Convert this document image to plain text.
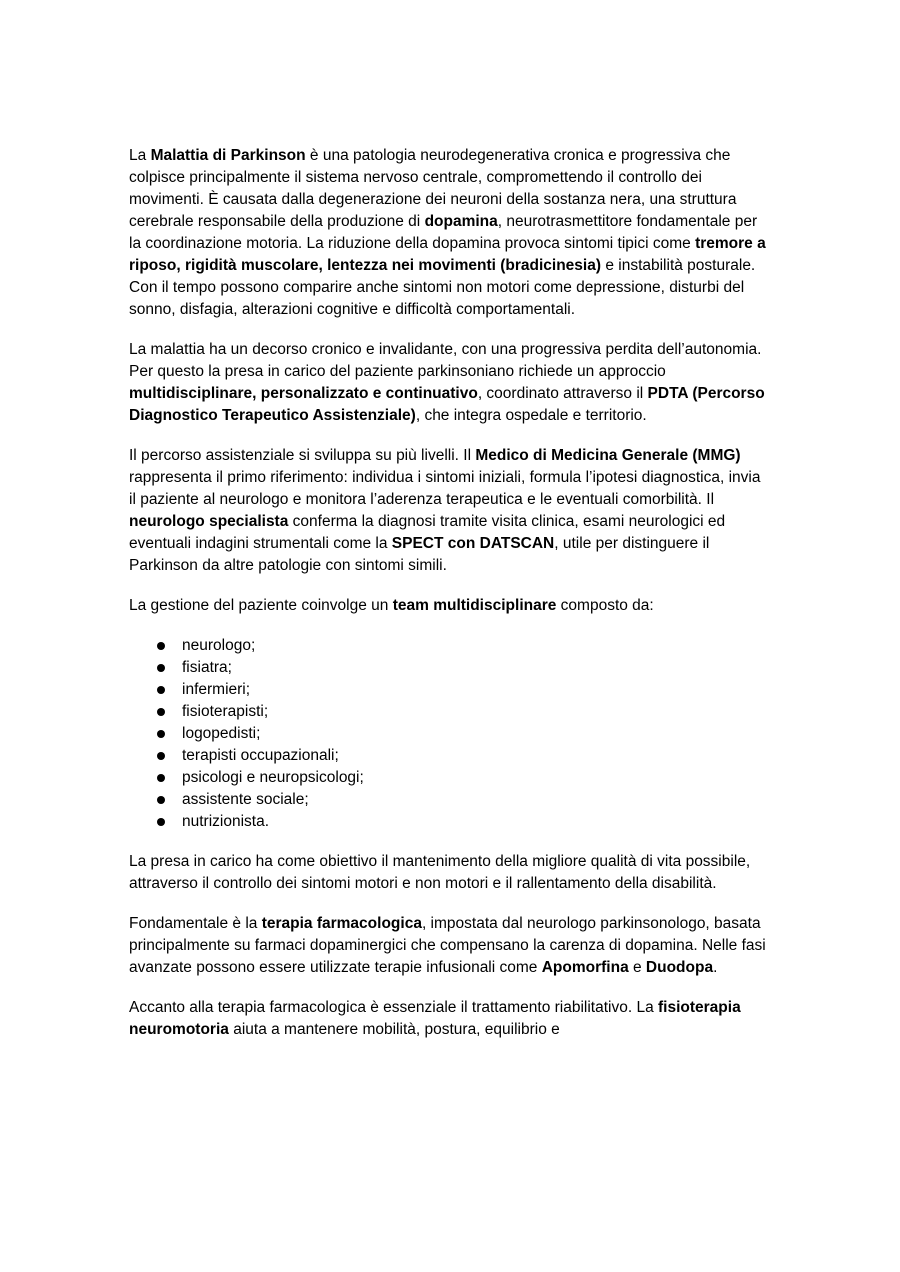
La Malattia di Parkinson è una patologia neurodegenerativa cronica e progressiva che colpisce principalmente il sistema nervoso centrale, compromettendo il controllo dei movimenti. È causata dalla degenerazione dei neuroni della sostanza nera, una struttura cerebrale responsabile della produzione di dopamina, neurotrasmettitore fondamentale per la coordinazione motoria. La riduzione della dopamina provoca sintomi tipici come tremore a riposo, rigidità muscolare, lentezza nei movimenti (bradicinesia) e instabilità posturale. Con il tempo possono comparire anche sintomi non motori come depressione, disturbi del sonno, disfagia, alterazioni cognitive e difficoltà comportamentali.

La malattia ha un decorso cronico e invalidante, con una progressiva perdita dell’autonomia. Per questo la presa in carico del paziente parkinsoniano richiede un approccio multidisciplinare, personalizzato e continuativo, coordinato attraverso il PDTA (Percorso Diagnostico Terapeutico Assistenziale), che integra ospedale e territorio.

Il percorso assistenziale si sviluppa su più livelli. Il Medico di Medicina Generale (MMG) rappresenta il primo riferimento: individua i sintomi iniziali, formula l’ipotesi diagnostica, invia il paziente al neurologo e monitora l’aderenza terapeutica e le eventuali comorbilità. Il neurologo specialista conferma la diagnosi tramite visita clinica, esami neurologici ed eventuali indagini strumentali come la SPECT con DATSCAN, utile per distinguere il Parkinson da altre patologie con sintomi simili.

La gestione del paziente coinvolge un team multidisciplinare composto da:

neurologo;
fisiatra;
infermieri;
fisioterapisti;
logopedisti;
terapisti occupazionali;
psicologi e neuropsicologi;
assistente sociale;
nutrizionista.

La presa in carico ha come obiettivo il mantenimento della migliore qualità di vita possibile, attraverso il controllo dei sintomi motori e non motori e il rallentamento della disabilità.

Fondamentale è la terapia farmacologica, impostata dal neurologo parkinsonologo, basata principalmente su farmaci dopaminergici che compensano la carenza di dopamina. Nelle fasi avanzate possono essere utilizzate terapie infusionali come Apomorfina e Duodopa.

Accanto alla terapia farmacologica è essenziale il trattamento riabilitativo. La fisioterapia neuromotoria aiuta a mantenere mobilità, postura, equilibrio e
